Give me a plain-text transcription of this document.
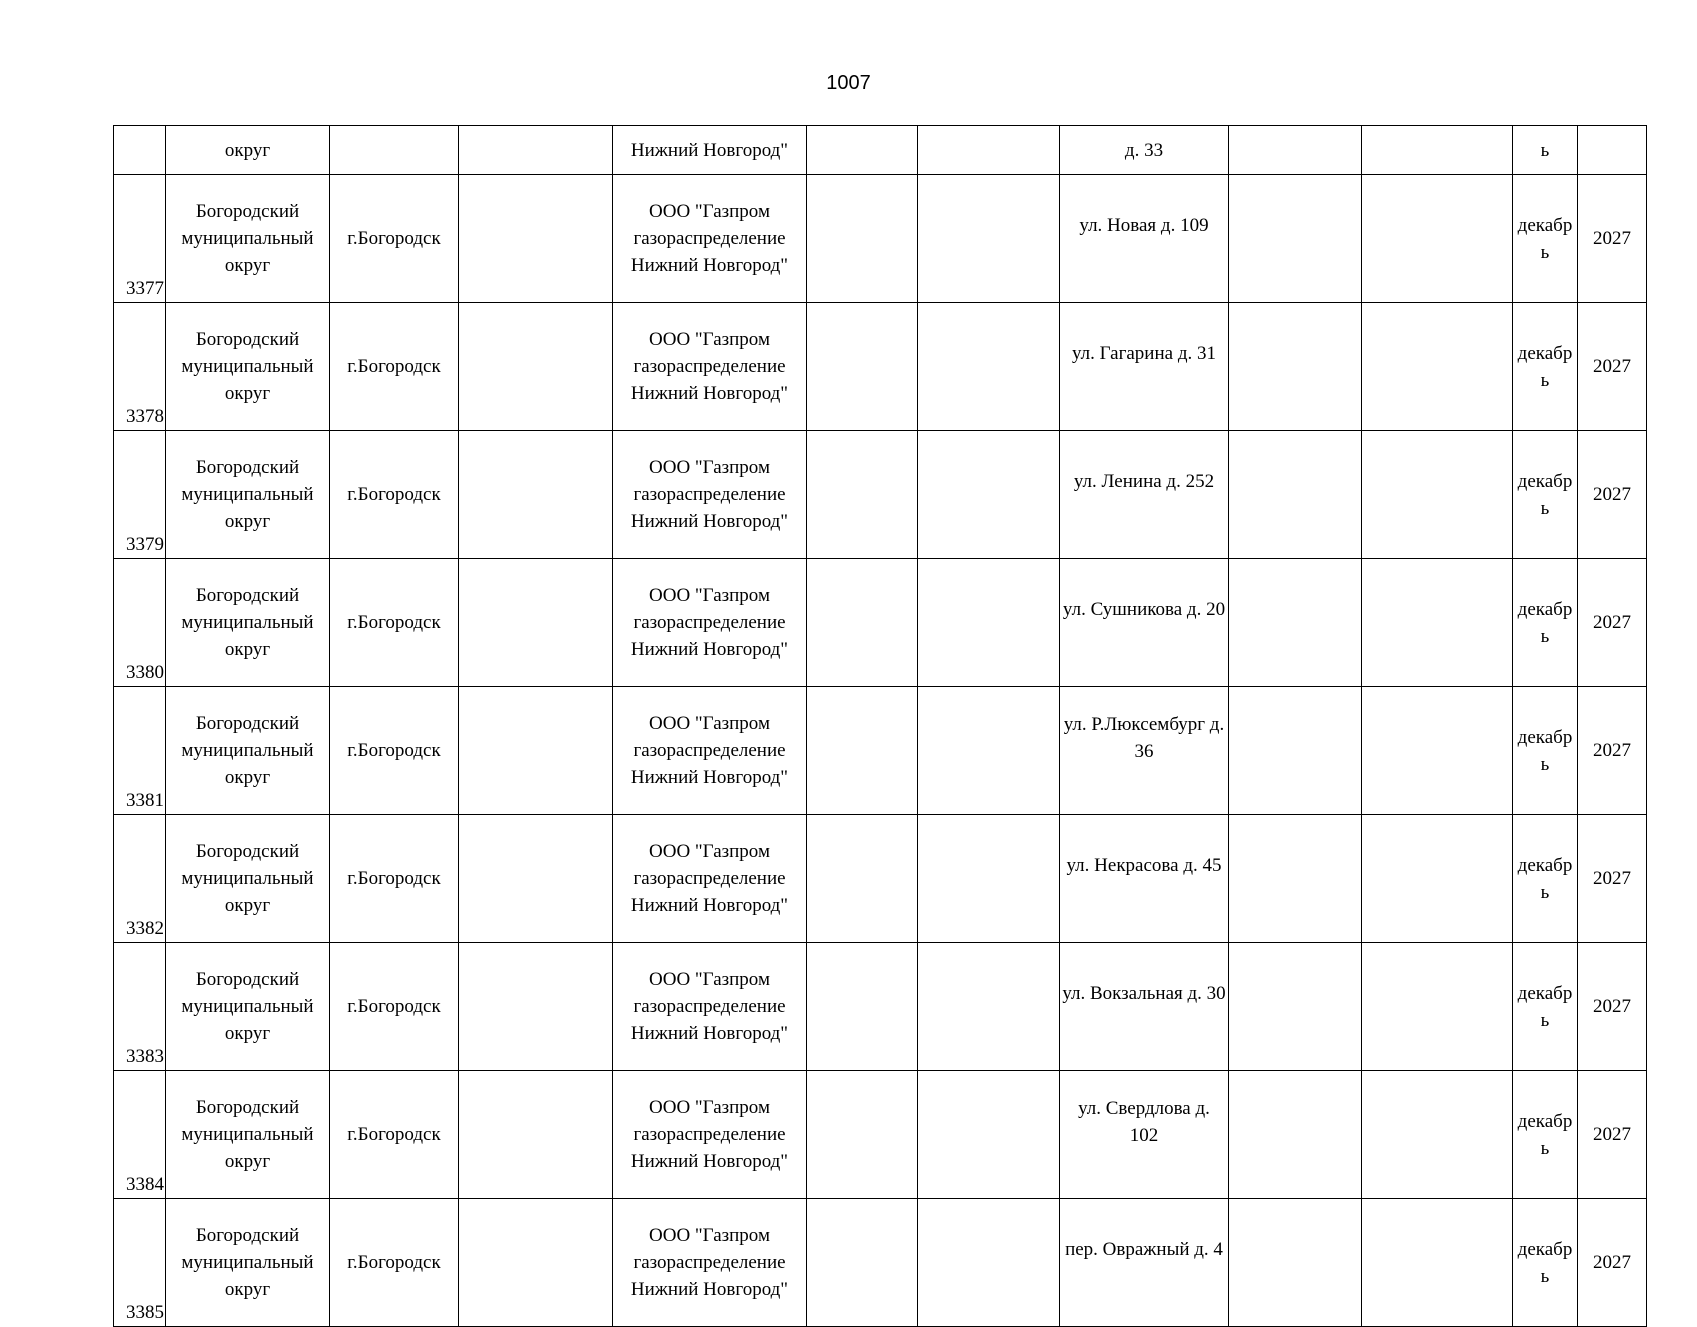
1007
	округ			Нижний Новгород"			д. 33			ь	
3377	Богородский муниципальный округ	г.Богородск		ООО "Газпром газораспределение Нижний Новгород"			ул. Новая д. 109			декабр ь	2027
3378	Богородский муниципальный округ	г.Богородск		ООО "Газпром газораспределение Нижний Новгород"			ул. Гагарина д. 31			декабр ь	2027
3379	Богородский муниципальный округ	г.Богородск		ООО "Газпром газораспределение Нижний Новгород"			ул. Ленина д. 252			декабр ь	2027
3380	Богородский муниципальный округ	г.Богородск		ООО "Газпром газораспределение Нижний Новгород"			ул. Сушникова д. 20			декабр ь	2027
3381	Богородский муниципальный округ	г.Богородск		ООО "Газпром газораспределение Нижний Новгород"			ул. Р.Люксембург д. 36			декабр ь	2027
3382	Богородский муниципальный округ	г.Богородск		ООО "Газпром газораспределение Нижний Новгород"			ул. Некрасова д. 45			декабр ь	2027
3383	Богородский муниципальный округ	г.Богородск		ООО "Газпром газораспределение Нижний Новгород"			ул. Вокзальная д. 30			декабр ь	2027
3384	Богородский муниципальный округ	г.Богородск		ООО "Газпром газораспределение Нижний Новгород"			ул. Свердлова д. 102			декабр ь	2027
3385	Богородский муниципальный округ	г.Богородск		ООО "Газпром газораспределение Нижний Новгород"			пер. Овражный д. 4			декабр ь	2027
